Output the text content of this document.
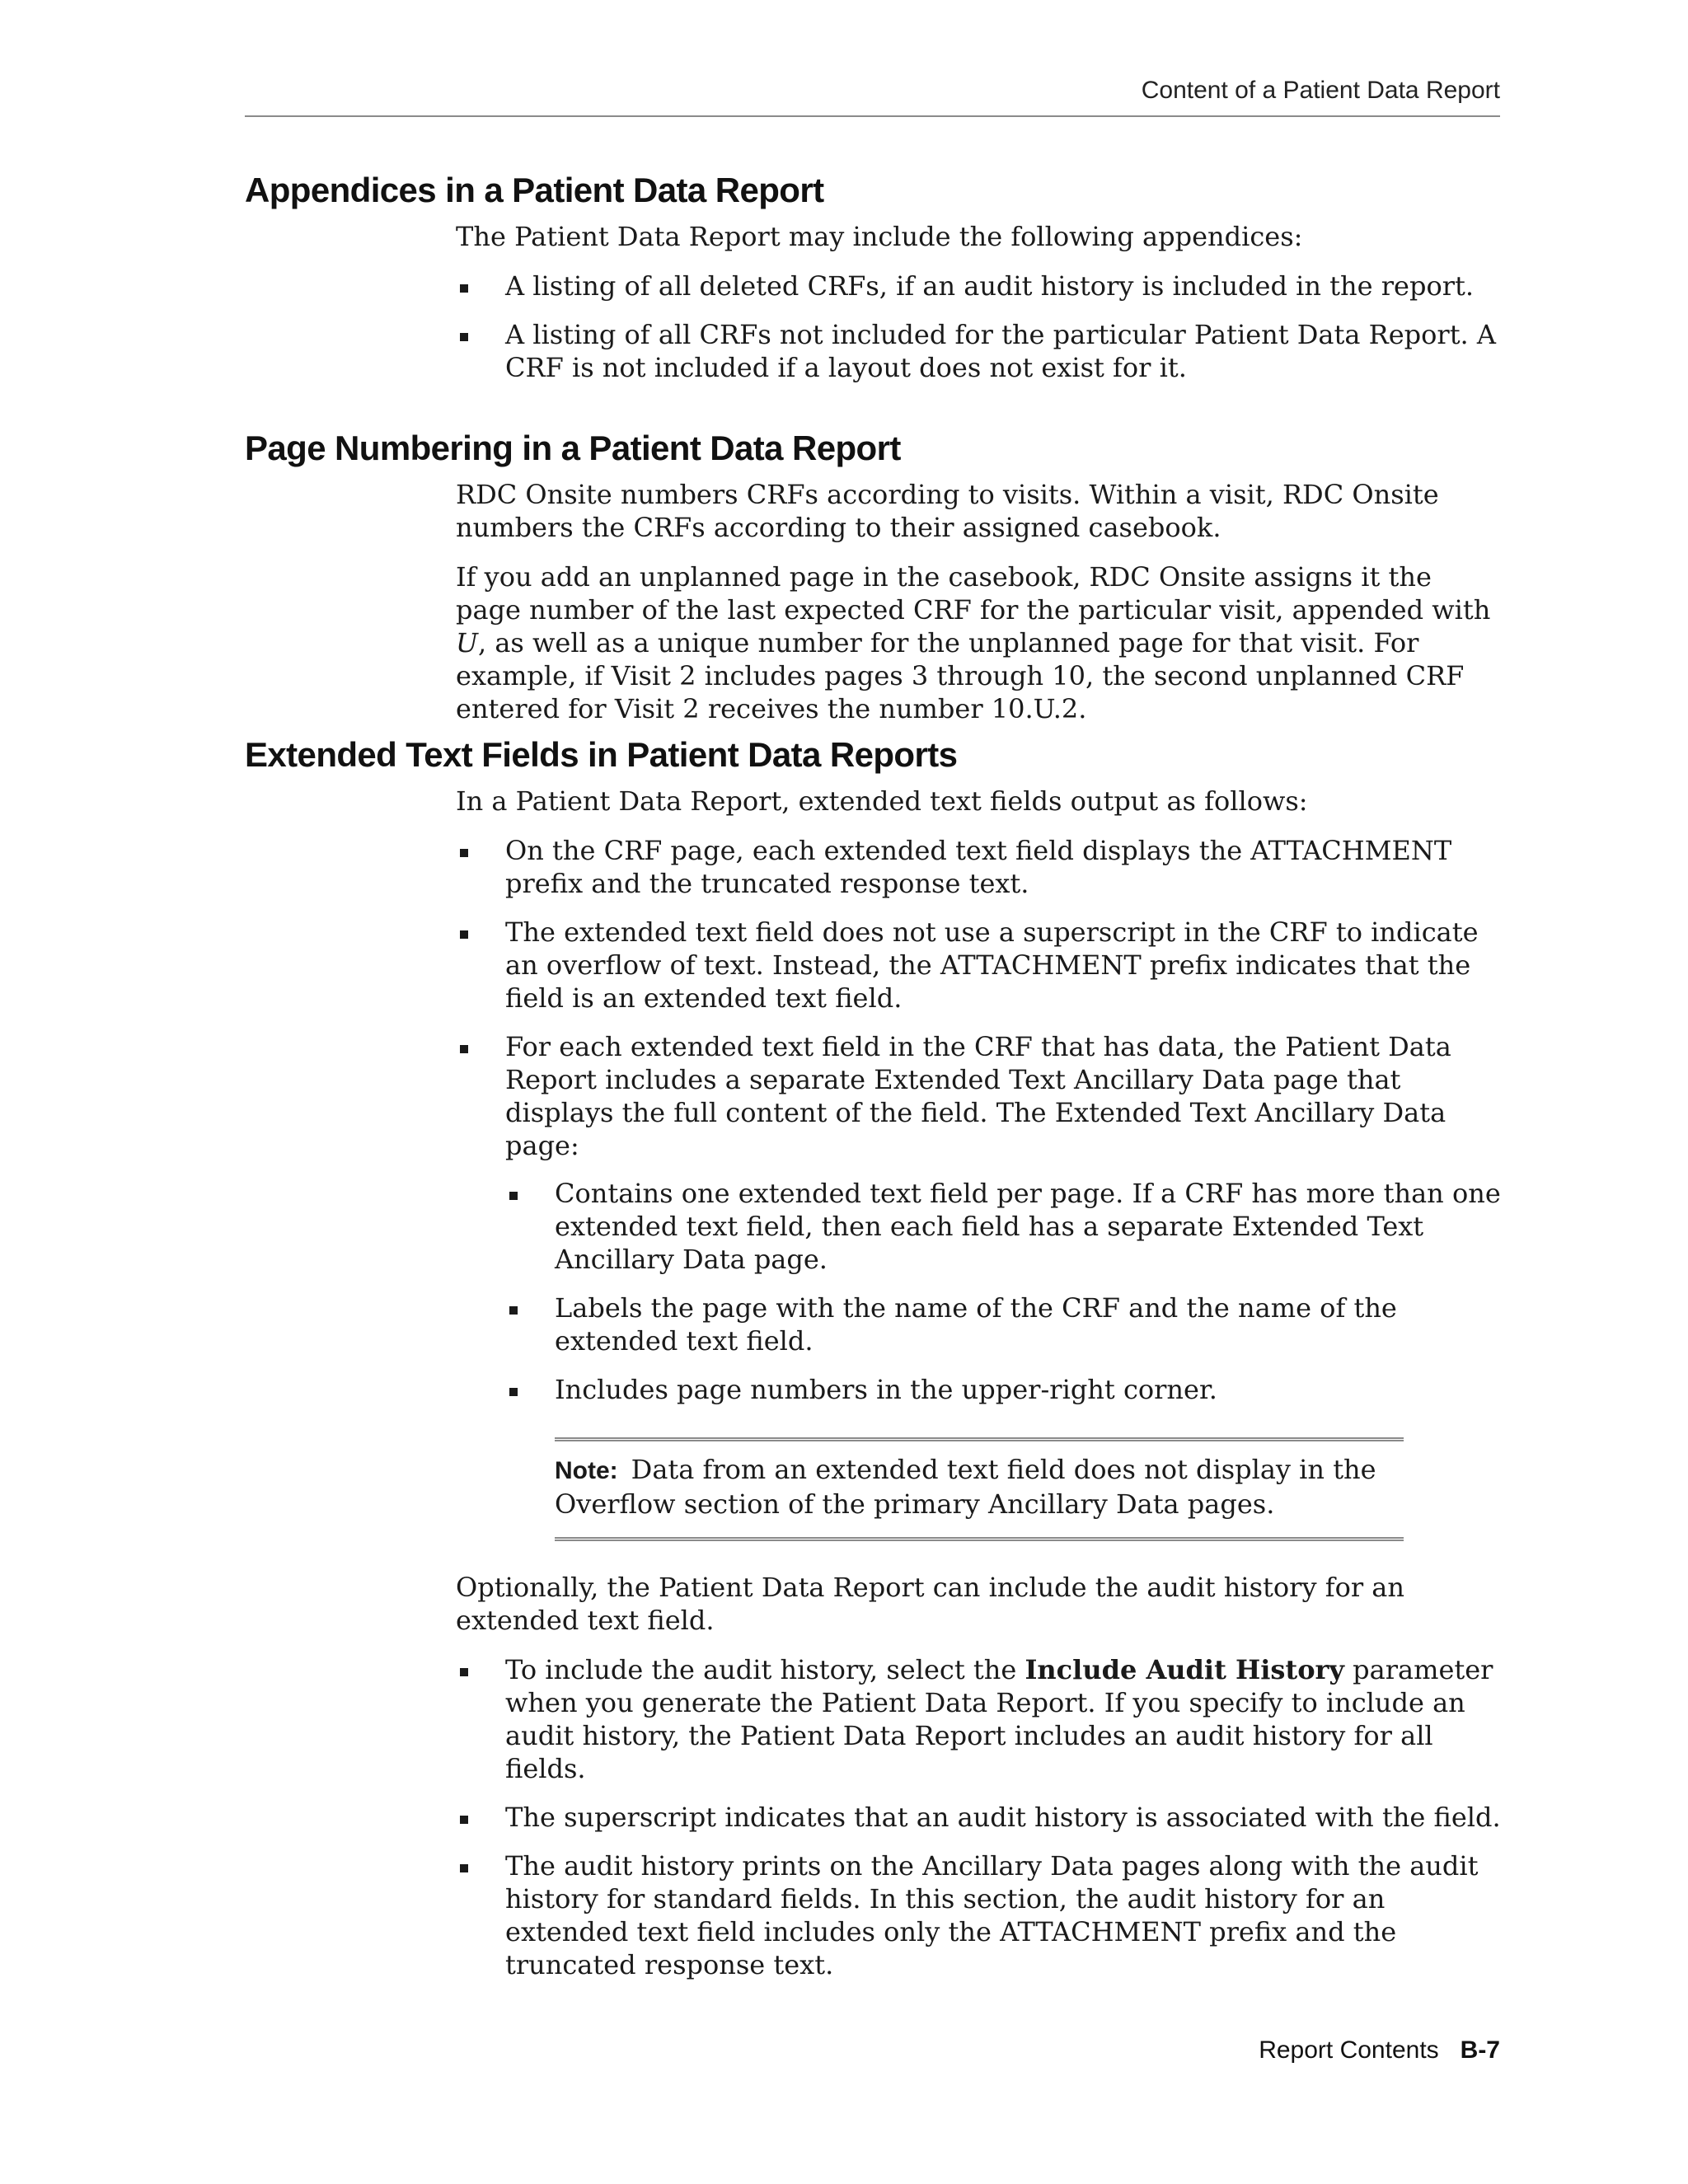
Content of a Patient Data Report
Appendices in a Patient Data Report

The Patient Data Report may include the following appendices:

A listing of all deleted CRFs, if an audit history is included in the report.
A listing of all CRFs not included for the particular Patient Data Report. A CRF is not included if a layout does not exist for it.
Page Numbering in a Patient Data Report

RDC Onsite numbers CRFs according to visits. Within a visit, RDC Onsite numbers the CRFs according to their assigned casebook.

If you add an unplanned page in the casebook, RDC Onsite assigns it the page number of the last expected CRF for the particular visit, appended with U, as well as a unique number for the unplanned page for that visit. For example, if Visit 2 includes pages 3 through 10, the second unplanned CRF entered for Visit 2 receives the number 10.U.2.

Extended Text Fields in Patient Data Reports

In a Patient Data Report, extended text fields output as follows:

On the CRF page, each extended text field displays the ATTACHMENT prefix and the truncated response text.
The extended text field does not use a superscript in the CRF to indicate an overflow of text. Instead, the ATTACHMENT prefix indicates that the field is an extended text field.
For each extended text field in the CRF that has data, the Patient Data Report includes a separate Extended Text Ancillary Data page that displays the full content of the field. The Extended Text Ancillary Data page:
Contains one extended text field per page. If a CRF has more than one extended text field, then each field has a separate Extended Text Ancillary Data page.
Labels the page with the name of the CRF and the name of the extended text field.
Includes page numbers in the upper-right corner.
Note: Data from an extended text field does not display in the Overflow section of the primary Ancillary Data pages.

Optionally, the Patient Data Report can include the audit history for an extended text field.

To include the audit history, select the Include Audit History parameter when you generate the Patient Data Report. If you specify to include an audit history, the Patient Data Report includes an audit history for all fields.
The superscript indicates that an audit history is associated with the field.
The audit history prints on the Ancillary Data pages along with the audit history for standard fields. In this section, the audit history for an extended text field includes only the ATTACHMENT prefix and the truncated response text.
Report Contents B-7
